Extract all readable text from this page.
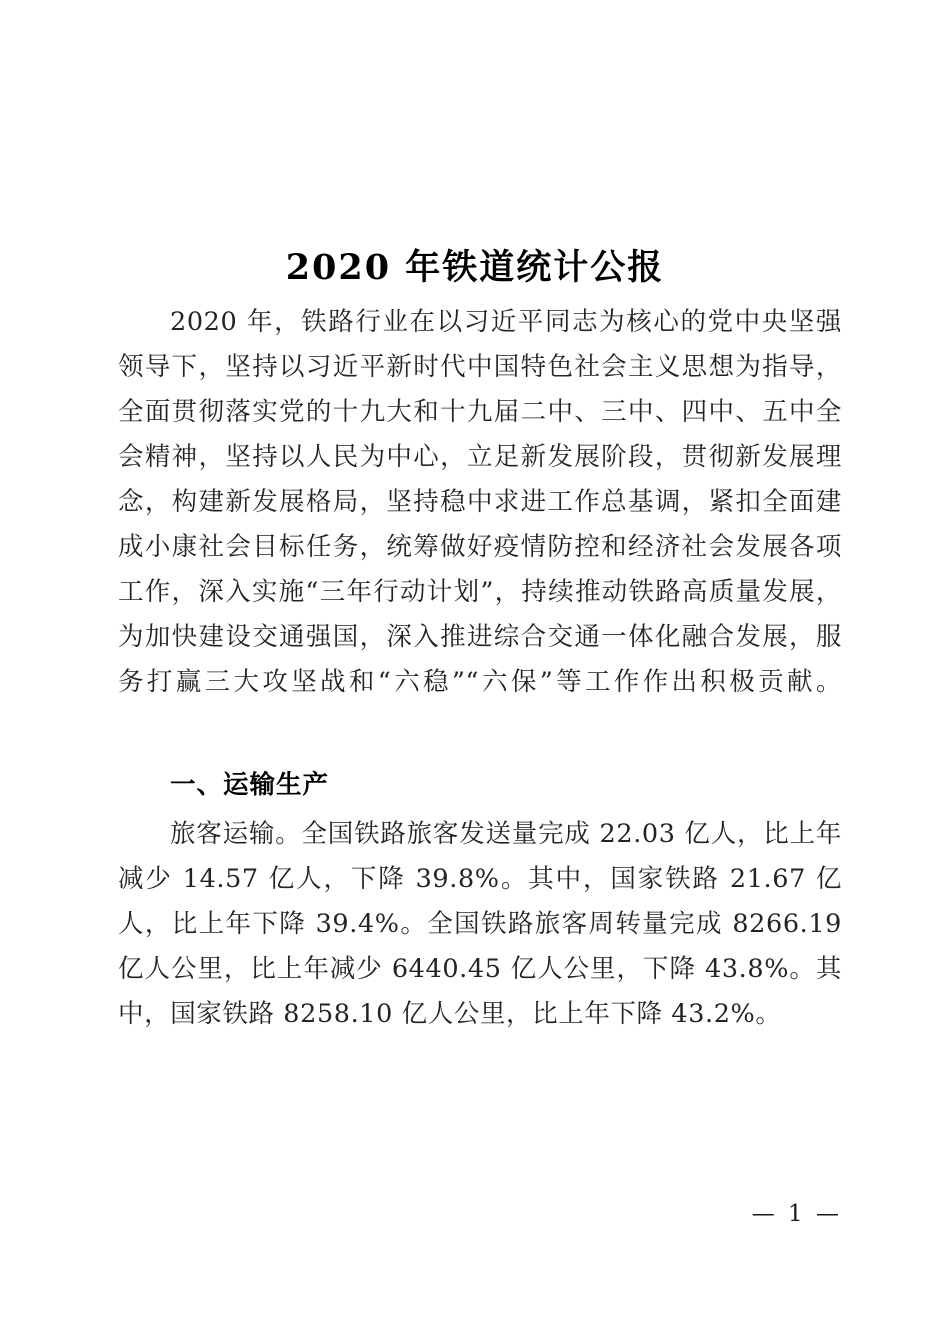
2020 年铁道统计公报

2020 年，铁路行业在以习近平同志为核心的党中央坚强领导下，坚持以习近平新时代中国特色社会主义思想为指导，全面贯彻落实党的十九大和十九届二中、三中、四中、五中全会精神，坚持以人民为中心，立足新发展阶段，贯彻新发展理念，构建新发展格局，坚持稳中求进工作总基调，紧扣全面建成小康社会目标任务，统筹做好疫情防控和经济社会发展各项工作，深入实施“三年行动计划”，持续推动铁路高质量发展，为加快建设交通强国，深入推进综合交通一体化融合发展，服务打赢三大攻坚战和“六稳”“六保”等工作作出积极贡献。

一、运输生产

旅客运输。全国铁路旅客发送量完成 22.03 亿人，比上年减少 14.57 亿人，下降 39.8%。其中，国家铁路 21.67 亿人，比上年下降 39.4%。全国铁路旅客周转量完成 8266.19 亿人公里，比上年减少 6440.45 亿人公里，下降 43.8%。其中，国家铁路 8258.10 亿人公里，比上年下降 43.2%。

— 1 —
